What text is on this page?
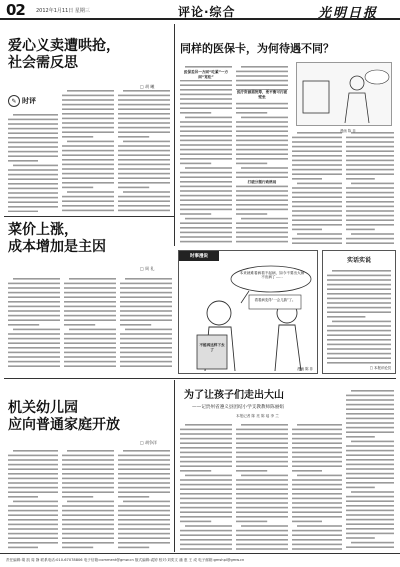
02 2012年1月11日 星期三	评论·综合	光明日报
爱心义卖遭哄抢，
社会需反思
□ 胡 曦
✎ 时评
同样的医保卡，为何待遇不同？
医保差异一方面“吃紧”一方面“宽松”
医疗资源需统筹，要平衡可打破壁垒
打破分割行政格局
漫画 陈 非
菜价上涨，
成本增加是主因
□ 周 礼
时事漫说
本来就难看病看不起病，如今不要出大病不出病了……
看看病变得“一会儿搞”了。
不能再这样下去了
漫画 陈 非
实话实说
□ 本报评论员
机关幼儿园
应向普通家庭开放
□ 胡争洋
为了让孩子们走出大山
——记贵州省遵义县团结小学支教教师陈丽娟
本报记者 陈 亮 陈 瑶 李 兰
责任编辑:胡 凯 周 静 联系电话:010-67078806 电子信箱:comment@gmw.cn 版式编辑:裘婷 校对:刘奕文 潘 惠 王 成 电子邮箱:gmshpl@gmw.cn
